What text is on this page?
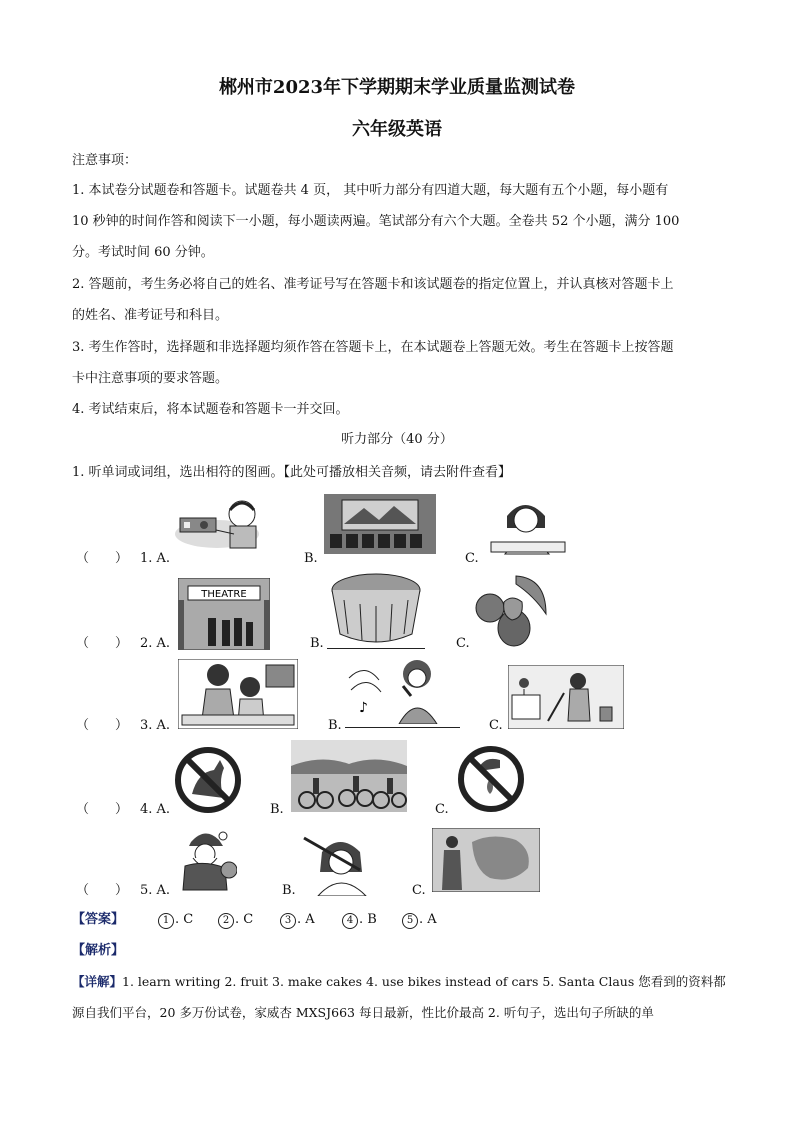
郴州市2023年下学期期末学业质量监测试卷
六年级英语
注意事项：
1. 本试卷分试题卷和答题卡。试题卷共 4 页， 其中听力部分有四道大题，每大题有五个小题，每小题有
10 秒钟的时间作答和阅读下一小题，每小题读两遍。笔试部分有六个大题。全卷共 52 个小题，满分 100
分。考试时间 60 分钟。
2. 答题前，考生务必将自己的姓名、准考证号写在答题卡和该试题卷的指定位置上，并认真核对答题卡上
的姓名、准考证号和科目。
3. 考生作答时，选择题和非选择题均须作答在答题卡上，在本试题卷上答题无效。考生在答题卡上按答题
卡中注意事项的要求答题。
4. 考试结束后，将本试题卷和答题卡一并交回。
听力部分（40 分）
1. 听单词或词组，选出相符的图画。【此处可播放相关音频，请去附件查看】
（　　） 1. A.	B.	C.
（　　） 2. A.	B.	C.
（　　） 3. A.	B.	C.
（　　） 4. A.	B.	C.
（　　） 5. A.	B.	C.
THEATRE
♪
【答案】	1 . C	2 . C	3 . A	4 . B	5 . A
【解析】
【详解】1. learn writing 2. fruit 3. make cakes 4. use bikes instead of cars 5. Santa Claus 您看到的资料都
源自我们平台，20 多万份试卷，家威杏 MXSJ663 每日最新，性比价最高 2. 听句子，选出句子所缺的单
